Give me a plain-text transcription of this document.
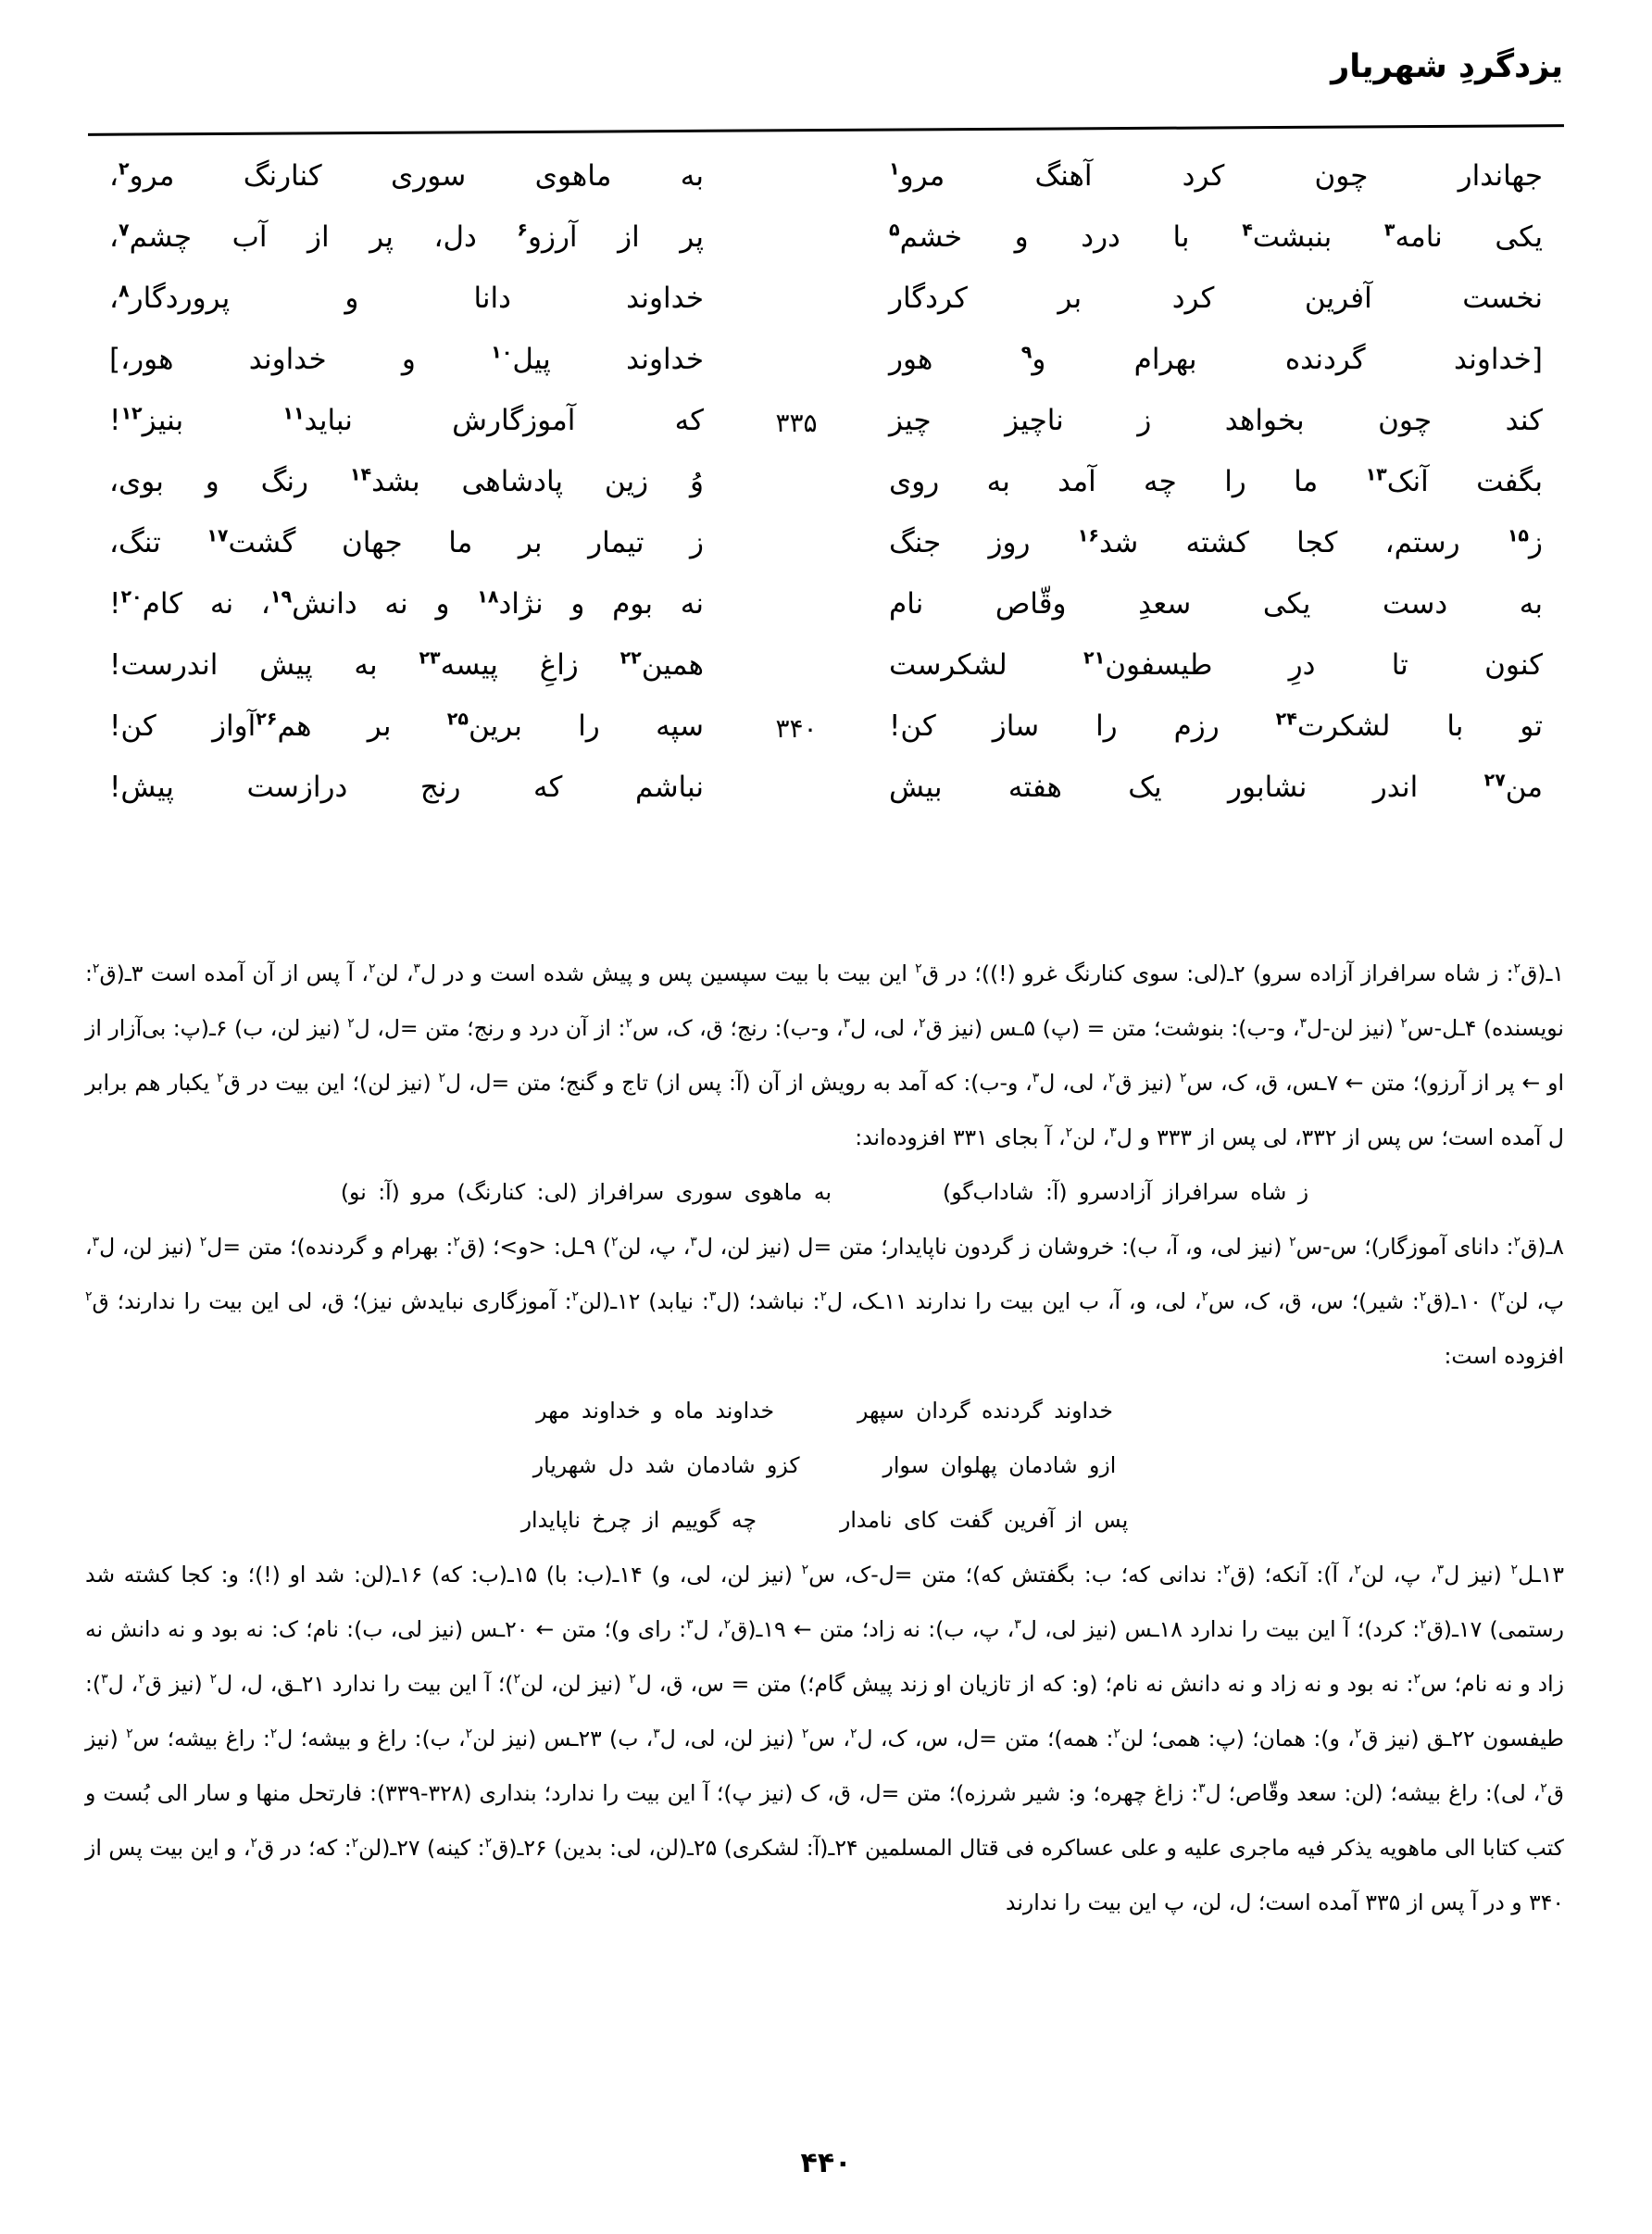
یزدگردِ شهریار
جهاندار چون کرد آهنگ مرو$^۱$
به ماهوی سوری کنارنگ مرو$^۲$،
یکی نامه$^۳$ بنبشت$^۴$ با درد و خشم$^۵$
پر از آرزو$^۶$ دل، پر از آب چشم$^۷$،
نخست آفرین کرد بر کردگار
خداوند دانا و پروردگار$^۸$،
[خداوند گردنده بهرام و$^۹$ هور
خداوند پیل$^{۱۰}$ و خداوند هور،]
کند چون بخواهد ز ناچیز چیز
۳۳۵
که آموزگارش نباید$^{۱۱}$ بنیز$^{۱۲}$!
بگفت آنک$^{۱۳}$ ما را چه آمد به روی
وُ زین پادشاهی بشد$^{۱۴}$ رنگ و بوی،
ز$^{۱۵}$ رستم، کجا کشته شد$^{۱۶}$ روز جنگ
ز تیمار بر ما جهان گشت$^{۱۷}$ تنگ،
به دست یکی سعدِ وقّاص نام
نه بوم و نژاد$^{۱۸}$ و نه دانش$^{۱۹}$، نه کام$^{۲۰}$!
کنون تا درِ طیسفون$^{۲۱}$ لشکرست
همین$^{۲۲}$ زاغِ پیسه$^{۲۳}$ به پیش اندرست!
تو با لشکرت$^{۲۴}$ رزم را ساز کن!
۳۴۰
سپه را برین$^{۲۵}$ بر هم$^{۲۶}$آواز کن!
من$^{۲۷}$ اندر نشابور یک هفته بیش
نباشم که رنج درازست پیش!

۱ـ(ق$^۲$: ز شاه سرافراز آزاده سرو) ۲ـ(لی: سوی کنارنگ غرو (!))؛ در ق$^۲$ این بیت با بیت سپسین پس و پیش شده است و در ل$^۳$، لن$^۲$، آ پس از آن آمده است ۳ـ(ق$^۲$: نویسنده) ۴ـل-س$^۲$ (نیز لن-ل$^۳$، و-ب): بنوشت؛ متن = (پ) ۵ـس (نیز ق$^۲$، لی، ل$^۳$، و-ب): رنج؛ ق، ک، س$^۲$: از آن درد و رنج؛ متن =ل، ل$^۲$ (نیز لن، ب) ۶ـ(پ: بی‌آزار از او ← پر از آرزو)؛ متن ← ۷ـس، ق، ک، س$^۲$ (نیز ق$^۲$، لی، ل$^۳$، و-ب): که آمد به رویش از آن (آ: پس از) تاج و گنج؛ متن =ل، ل$^۲$ (نیز لن)؛ این بیت در ق$^۲$ یکبار هم برابر ل آمده است؛ س پس از ۳۳۲، لی پس از ۳۳۳ و ل$^۳$، لن$^۲$، آ بجای ۳۳۱ افزوده‌اند:

ز شاه سرافراز آزادسرو (آ: شاداب‌گو)
به ماهوی سوری سرافراز (لی: کنارنگ) مرو (آ: نو)

۸ـ(ق$^۲$: دانای آموزگار)؛ س-س$^۲$ (نیز لی، و، آ، ب): خروشان ز گردون ناپایدار؛ متن =ل (نیز لن، ل$^۳$، پ، لن$^۲$) ۹ـل: <و>؛ (ق$^۲$: بهرام و گردنده)؛ متن =ل$^۲$ (نیز لن، ل$^۳$، پ، لن$^۲$) ۱۰ـ(ق$^۲$: شیر)؛ س، ق، ک، س$^۲$، لی، و، آ، ب این بیت را ندارند ۱۱ـک، ل$^۲$: نباشد؛ (ل$^۳$: نیابد) ۱۲ـ(لن$^۲$: آموزگاری نبایدش نیز)؛ ق، لی این بیت را ندارند؛ ق$^۲$ افزوده است:

خداوند گردنده گردان سپهر
خداوند ماه و خداوند مهر
ازو شادمان پهلوان سوار
کزو شادمان شد دل شهریار
پس از آفرین گفت کای نامدار
چه گوییم از چرخ ناپایدار

۱۳ـل$^۲$ (نیز ل$^۳$، پ، لن$^۲$، آ): آنکه؛ (ق$^۲$: ندانی که؛ ب: بگفتش که)؛ متن =ل-ک، س$^۲$ (نیز لن، لی، و) ۱۴ـ(ب: با) ۱۵ـ(ب: که) ۱۶ـ(لن: شد او (!)؛ و: کجا کشته شد رستمی) ۱۷ـ(ق$^۲$: کرد)؛ آ این بیت را ندارد ۱۸ـس (نیز لی، ل$^۳$، پ، ب): نه زاد؛ متن ← ۱۹ـ(ق$^۲$، ل$^۳$: رای و)؛ متن ← ۲۰ـس (نیز لی، ب): نام؛ ک: نه بود و نه دانش نه زاد و نه نام؛ س$^۲$: نه بود و نه زاد و نه دانش نه نام؛ (و: که از تازیان او زند پیش گام؛) متن = س، ق، ل$^۲$ (نیز لن، لن$^۲$)؛ آ این بیت را ندارد ۲۱ـق، ل، ل$^۲$ (نیز ق$^۲$، ل$^۳$): طیفسون ۲۲ـق (نیز ق$^۲$، و): همان؛ (پ: همی؛ لن$^۲$: همه)؛ متن =ل، س، ک، ل$^۲$، س$^۲$ (نیز لن، لی، ل$^۳$، ب) ۲۳ـس (نیز لن$^۲$، ب): راغ و بیشه؛ ل$^۲$: راغ بیشه؛ س$^۲$ (نیز ق$^۲$، لی): راغ بیشه؛ (لن: سعد وقّاص؛ ل$^۳$: زاغ چهره؛ و: شیر شرزه)؛ متن =ل، ق، ک (نیز پ)؛ آ این بیت را ندارد؛ بنداری (۳۲۸-۳۳۹): فارتحل منها و سار الی بُست و کتب کتابا الی ماهویه یذکر فیه ماجری علیه و علی عساکره فی قتال المسلمین ۲۴ـ(آ: لشکری) ۲۵ـ(لن، لی: بدین) ۲۶ـ(ق$^۲$: کینه) ۲۷ـ(لن$^۲$: که؛ در ق$^۲$، و این بیت پس از ۳۴۰ و در آ پس از ۳۳۵ آمده است؛ ل، لن، پ این بیت را ندارند

۴۴۰
